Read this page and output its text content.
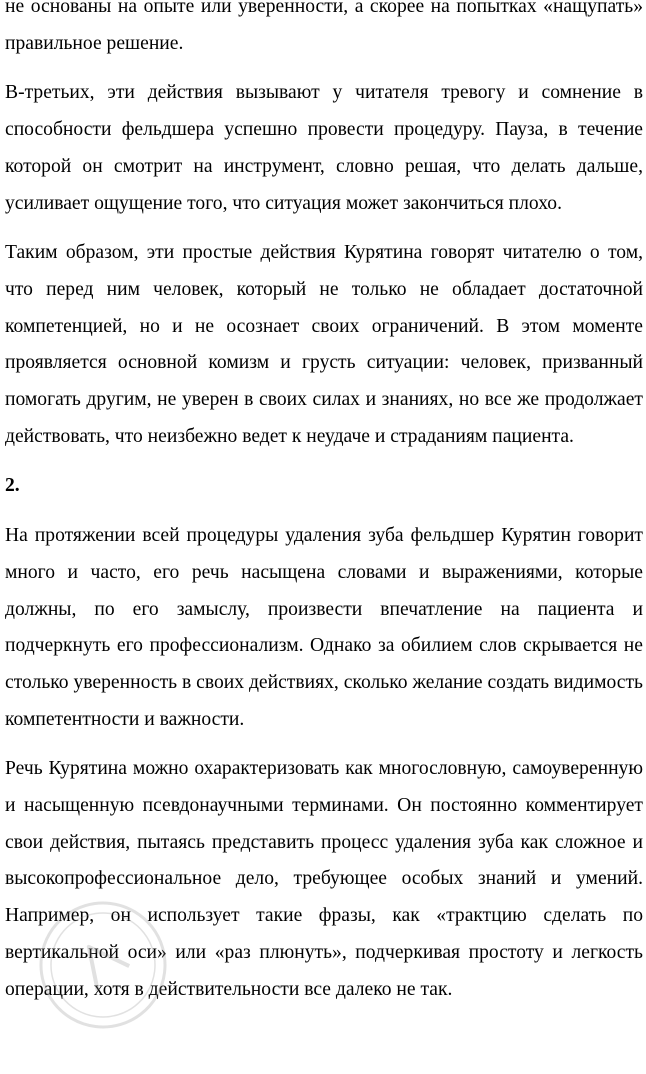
не основаны на опыте или уверенности, а скорее на попытках «нащупать» правильное решение.

В-третьих, эти действия вызывают у читателя тревогу и сомнение в способности фельдшера успешно провести процедуру. Пауза, в течение которой он смотрит на инструмент, словно решая, что делать дальше, усиливает ощущение того, что ситуация может закончиться плохо.

Таким образом, эти простые действия Курятина говорят читателю о том, что перед ним человек, который не только не обладает достаточной компетенцией, но и не осознает своих ограничений. В этом моменте проявляется основной комизм и грусть ситуации: человек, призванный помогать другим, не уверен в своих силах и знаниях, но все же продолжает действовать, что неизбежно ведет к неудаче и страданиям пациента.

2.

На протяжении всей процедуры удаления зуба фельдшер Курятин говорит много и часто, его речь насыщена словами и выражениями, которые должны, по его замыслу, произвести впечатление на пациента и подчеркнуть его профессионализм. Однако за обилием слов скрывается не столько уверенность в своих действиях, сколько желание создать видимость компетентности и важности.

Речь Курятина можно охарактеризовать как многословную, самоуверенную и насыщенную псевдонаучными терминами. Он постоянно комментирует свои действия, пытаясь представить процесс удаления зуба как сложное и высокопрофессиональное дело, требующее особых знаний и умений. Например, он использует такие фразы, как «трактцию сделать по вертикальной оси» или «раз плюнуть», подчеркивая простоту и легкость операции, хотя в действительности все далеко не так.
